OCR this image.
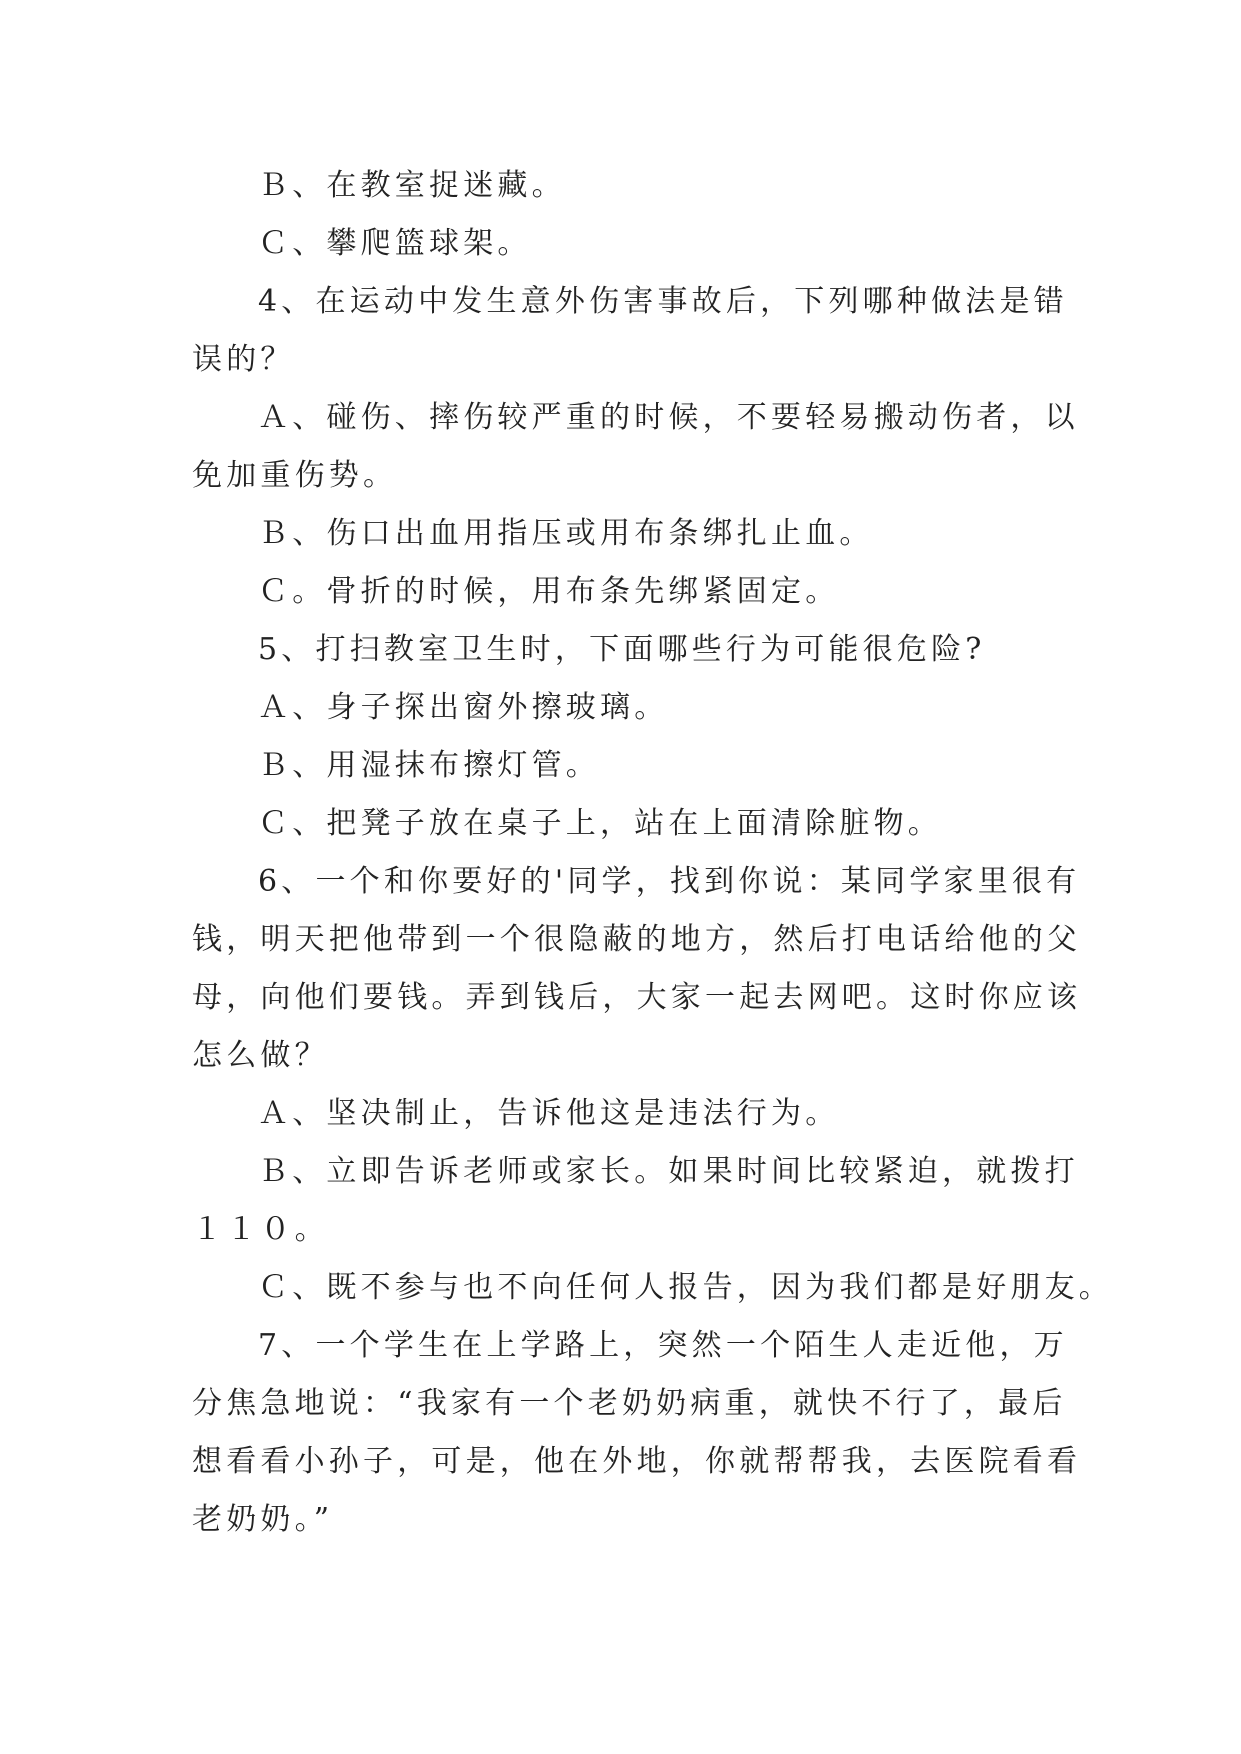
Ｂ、在教室捉迷藏。
Ｃ、攀爬篮球架。
4、在运动中发生意外伤害事故后，下列哪种做法是错
误的？
Ａ、碰伤、摔伤较严重的时候，不要轻易搬动伤者，以
免加重伤势。
Ｂ、伤口出血用指压或用布条绑扎止血。
Ｃ。骨折的时候，用布条先绑紧固定。
5、打扫教室卫生时，下面哪些行为可能很危险?
Ａ、身子探出窗外擦玻璃。
Ｂ、用湿抹布擦灯管。
Ｃ、把凳子放在桌子上，站在上面清除脏物。
6、一个和你要好的'同学，找到你说：某同学家里很有
钱，明天把他带到一个很隐蔽的地方，然后打电话给他的父
母，向他们要钱。弄到钱后，大家一起去网吧。这时你应该
怎么做？
Ａ、坚决制止，告诉他这是违法行为。
Ｂ、立即告诉老师或家长。如果时间比较紧迫，就拨打
１１０。
Ｃ、既不参与也不向任何人报告，因为我们都是好朋友。
7、一个学生在上学路上，突然一个陌生人走近他，万
分焦急地说：“我家有一个老奶奶病重，就快不行了，最后
想看看小孙子，可是，他在外地，你就帮帮我，去医院看看
老奶奶。”
